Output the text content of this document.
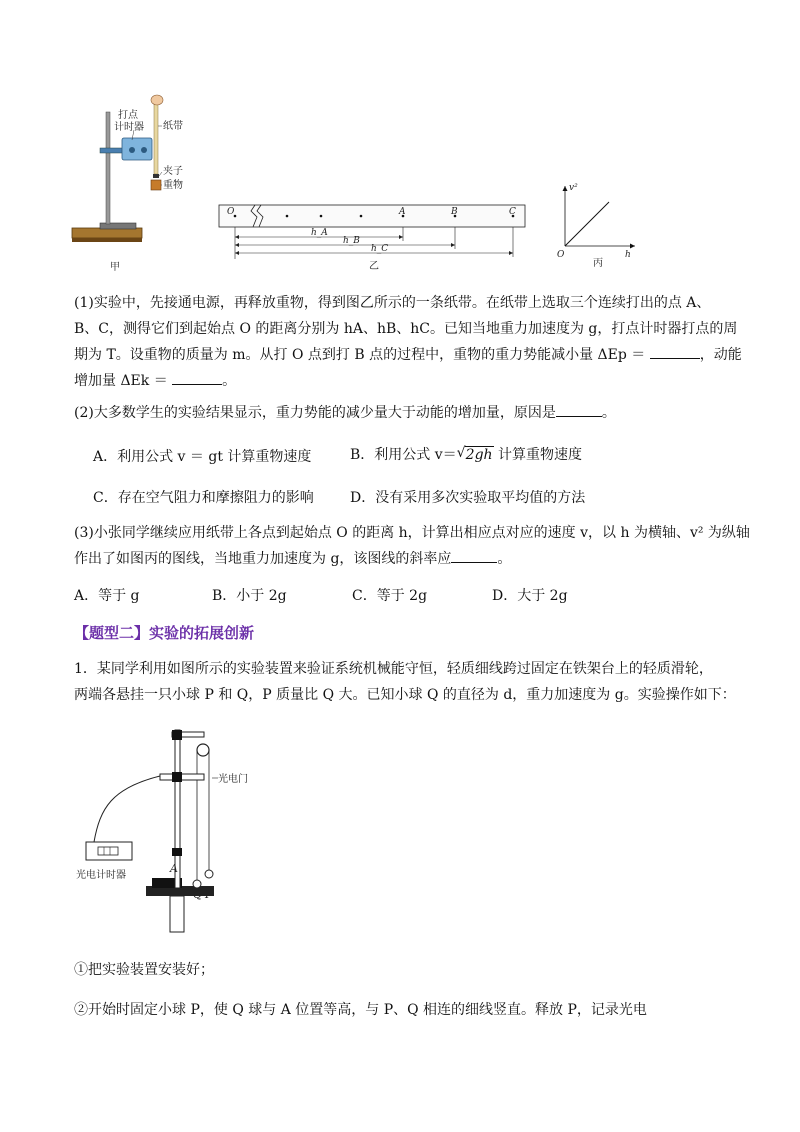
打点
计时器 纸带
夹子
重物
甲
O	A	B	C
h_A
h_B
h_C
乙
v²
h
O
丙
(1)实验中，先接通电源，再释放重物，得到图乙所示的一条纸带。在纸带上选取三个连续打出的点 A、
B、C，测得它们到起始点 O 的距离分别为 hA、hB、hC。已知当地重力加速度为 g，打点计时器打点的周
期为 T。设重物的质量为 m。从打 O 点到打 B 点的过程中，重物的重力势能减小量 ΔEp ＝	，动能
增加量 ΔEk ＝	。
(2)大多数学生的实验结果显示，重力势能的减少量大于动能的增加量，原因是	。
A．利用公式 v ＝ gt 计算重物速度	B．利用公式 v＝ √ 2gh 计算重物速度
C．存在空气阻力和摩擦阻力的影响	D．没有采用多次实验取平均值的方法
(3)小张同学继续应用纸带上各点到起始点 O 的距离 h，计算出相应点对应的速度 v，以 h 为横轴、v² 为纵轴
作出了如图丙的图线，当地重力加速度为 g，该图线的斜率应	。
A．等于 g	B．小于 2g	C．等于 2g	D．大于 2g
【题型二】实验的拓展创新
1．某同学利用如图所示的实验装置来验证系统机械能守恒，轻质细线跨过固定在铁架台上的轻质滑轮，
两端各悬挂一只小球 P 和 Q，P 质量比 Q 大。已知小球 Q 的直径为 d，重力加速度为 g。实验操作如下：
光电门
光电计时器
A
Q P
①把实验装置安装好；
②开始时固定小球 P，使 Q 球与 A 位置等高，与 P、Q 相连的细线竖直。释放 P，记录光电
